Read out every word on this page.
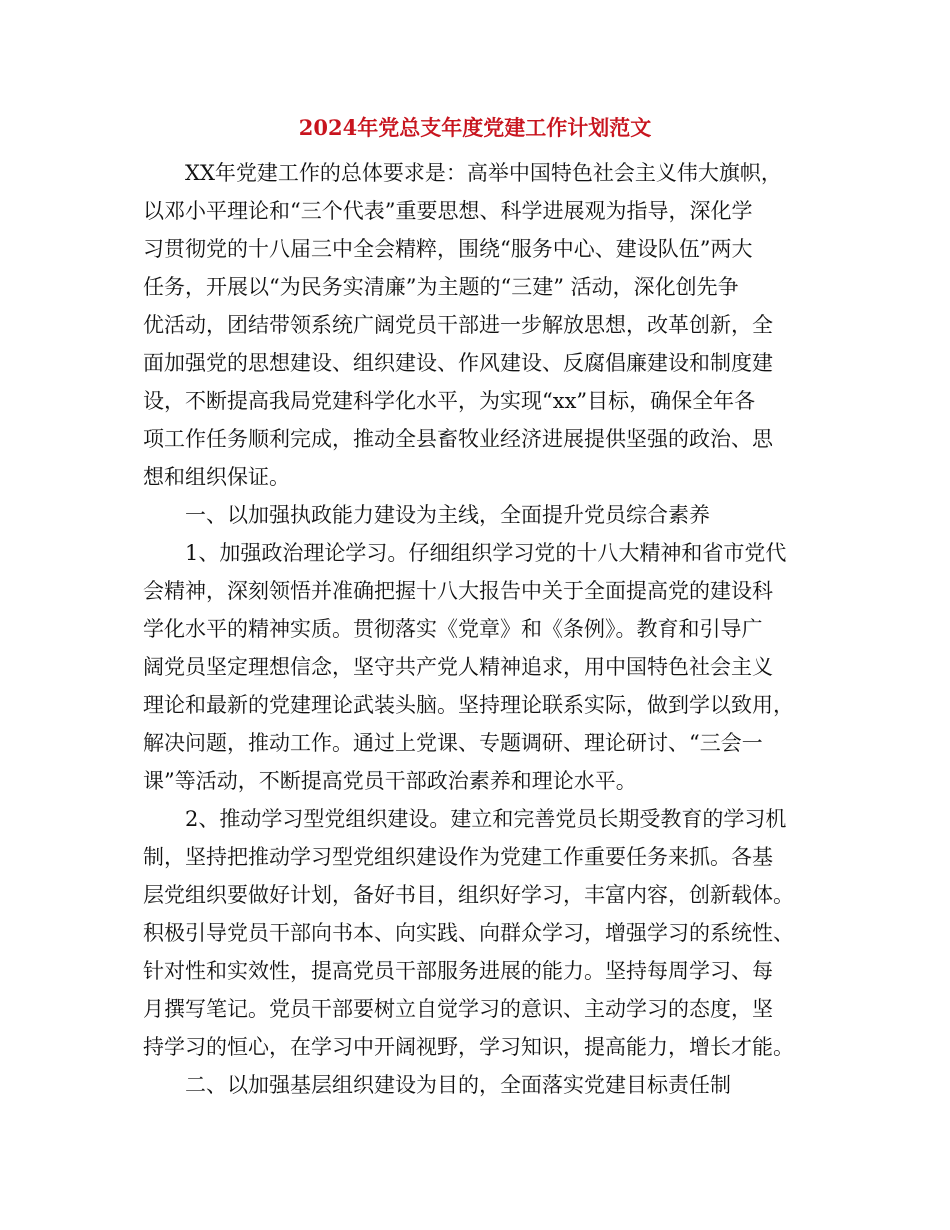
2024年党总支年度党建工作计划范文
XX年党建工作的总体要求是：高举中国特色社会主义伟大旗帜，
以邓小平理论和“三个代表”重要思想、科学进展观为指导，深化学
习贯彻党的十八届三中全会精粹，围绕“服务中心、建设队伍”两大
任务，开展以“为民务实清廉”为主题的“三建” 活动，深化创先争
优活动，团结带领系统广阔党员干部进一步解放思想，改革创新，全
面加强党的思想建设、组织建设、作风建设、反腐倡廉建设和制度建
设，不断提高我局党建科学化水平，为实现“xx”目标，确保全年各
项工作任务顺利完成，推动全县畜牧业经济进展提供坚强的政治、思
想和组织保证。
一、以加强执政能力建设为主线，全面提升党员综合素养
1、加强政治理论学习。仔细组织学习党的十八大精神和省市党代
会精神，深刻领悟并准确把握十八大报告中关于全面提高党的建设科
学化水平的精神实质。贯彻落实《党章》和《条例》。教育和引导广
阔党员坚定理想信念，坚守共产党人精神追求，用中国特色社会主义
理论和最新的党建理论武装头脑。坚持理论联系实际，做到学以致用，
解决问题，推动工作。通过上党课、专题调研、理论研讨、“三会一
课”等活动，不断提高党员干部政治素养和理论水平。
2、推动学习型党组织建设。建立和完善党员长期受教育的学习机
制，坚持把推动学习型党组织建设作为党建工作重要任务来抓。各基
层党组织要做好计划，备好书目，组织好学习，丰富内容，创新载体。
积极引导党员干部向书本、向实践、向群众学习，增强学习的系统性、
针对性和实效性，提高党员干部服务进展的能力。坚持每周学习、每
月撰写笔记。党员干部要树立自觉学习的意识、主动学习的态度，坚
持学习的恒心，在学习中开阔视野，学习知识，提高能力，增长才能。
二、以加强基层组织建设为目的，全面落实党建目标责任制
